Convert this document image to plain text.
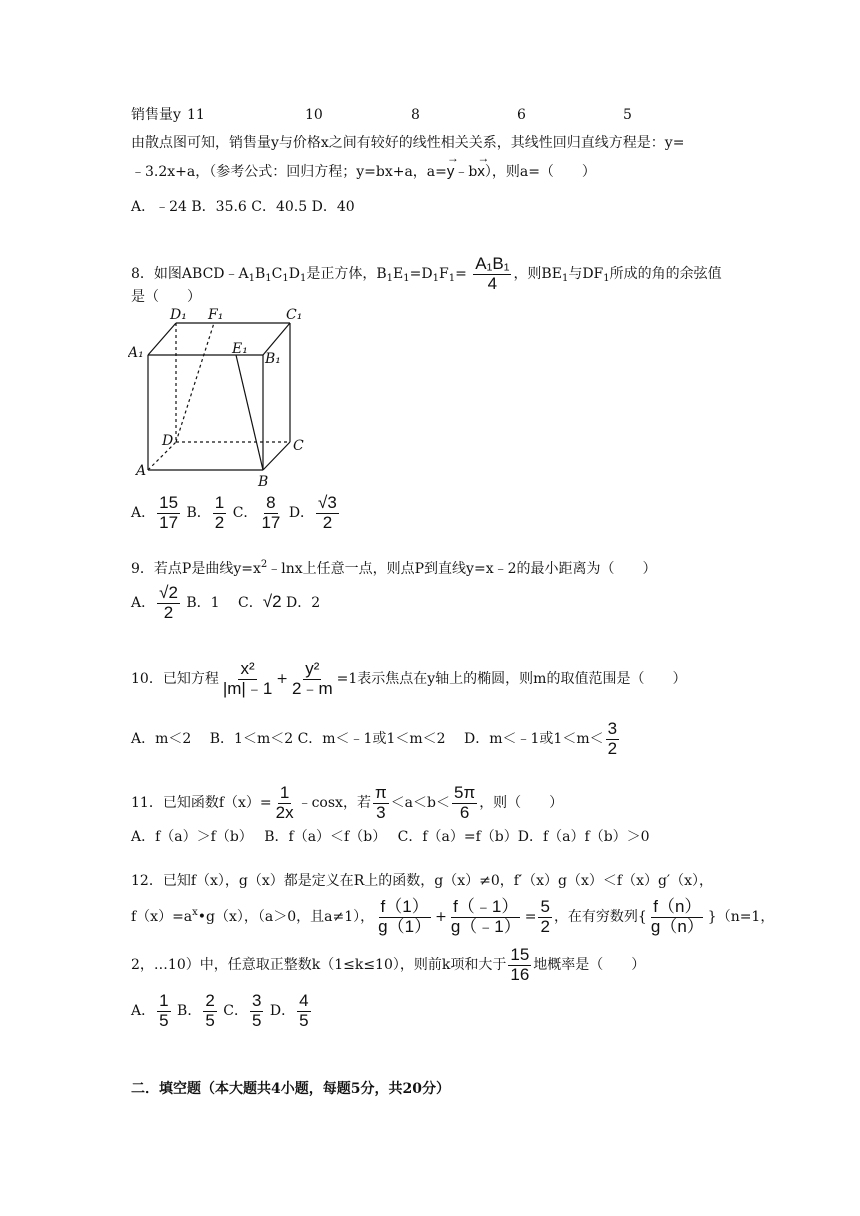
销售量y 11	10	8	6	5
由散点图可知，销售量y与价格x之间有较好的线性相关关系，其线性回归直线方程是：y=
﹣3.2x+a，（参考公式：回归方程；y=bx+a，a=→ y﹣b→ x），则a=（　　）
A．﹣24 B．35.6 C．40.5 D．40
8．如图$ABCD﹣A_1B_1C_1D_1$是正方体，$B_1E_1=D_1F_1= \frac{\text{A₁B₁}}{4}$ ，则$BE_1$与$DF_1$所成的角的余弦值
是（　　）
D₁ F₁	C₁
A₁	E₁
B₁
D	C
A
B
A． $\frac{15}{17}$ B． $\frac{1}{2}$ C． $\frac{8}{17}$ D． $\frac{√3}{2}$
9．若点P是曲线$y=x^2﹣\ln x$上任意一点，则点P到直线y=x﹣2的最小距离为（　　）
A． $\frac{√2}{2}$ B．1　 C．√2 D．2
10．已知方程 $\frac{\text{x²}}{|m|﹣1} + \frac{\text{y²}}{2﹣m} =1$表示焦点在y轴上的椭圆，则m的取值范围是（　　）
A．m＜2　 B．1＜m＜2 C．m＜﹣1或1＜m＜2　 D．m＜﹣1或$1<m< \frac{3}{2}$
11．已知函数$f(x)= \frac{1}{2x}$ ﹣cosx，若 $\frac{\pi}{3} <a<b< \frac{5\pi}{6}$ ，则（　　）
A．f（a）＞f（b）　 B．f（a）＜f（b）　 C．f（a）=f（b）D．f（a）f（b）＞0
12．已知f（x），g（x）都是定义在R上的函数，g（x）≠0，f′（x）g（x）＜f（x）g′（x），
$f(x)=a^x•g(x)$，（a＞0，且a≠1）， $\frac{f(1)}{g(1)} + \frac{f(﹣1)}{g(﹣1)} = \frac{5}{2}$ ，在有穷数列{ $\frac{f(n)}{g(n)} \}(n=1$，
2，…10）中，任意取正整数k（1≤k≤10），则前k项和大于 $\frac{15}{16}$ 地概率是（　　）
A． $\frac{1}{5}$ B． $\frac{2}{5}$ C． $\frac{3}{5}$ D． $\frac{4}{5}$
二．填空题（本大题共4小题，每题5分，共20分）
